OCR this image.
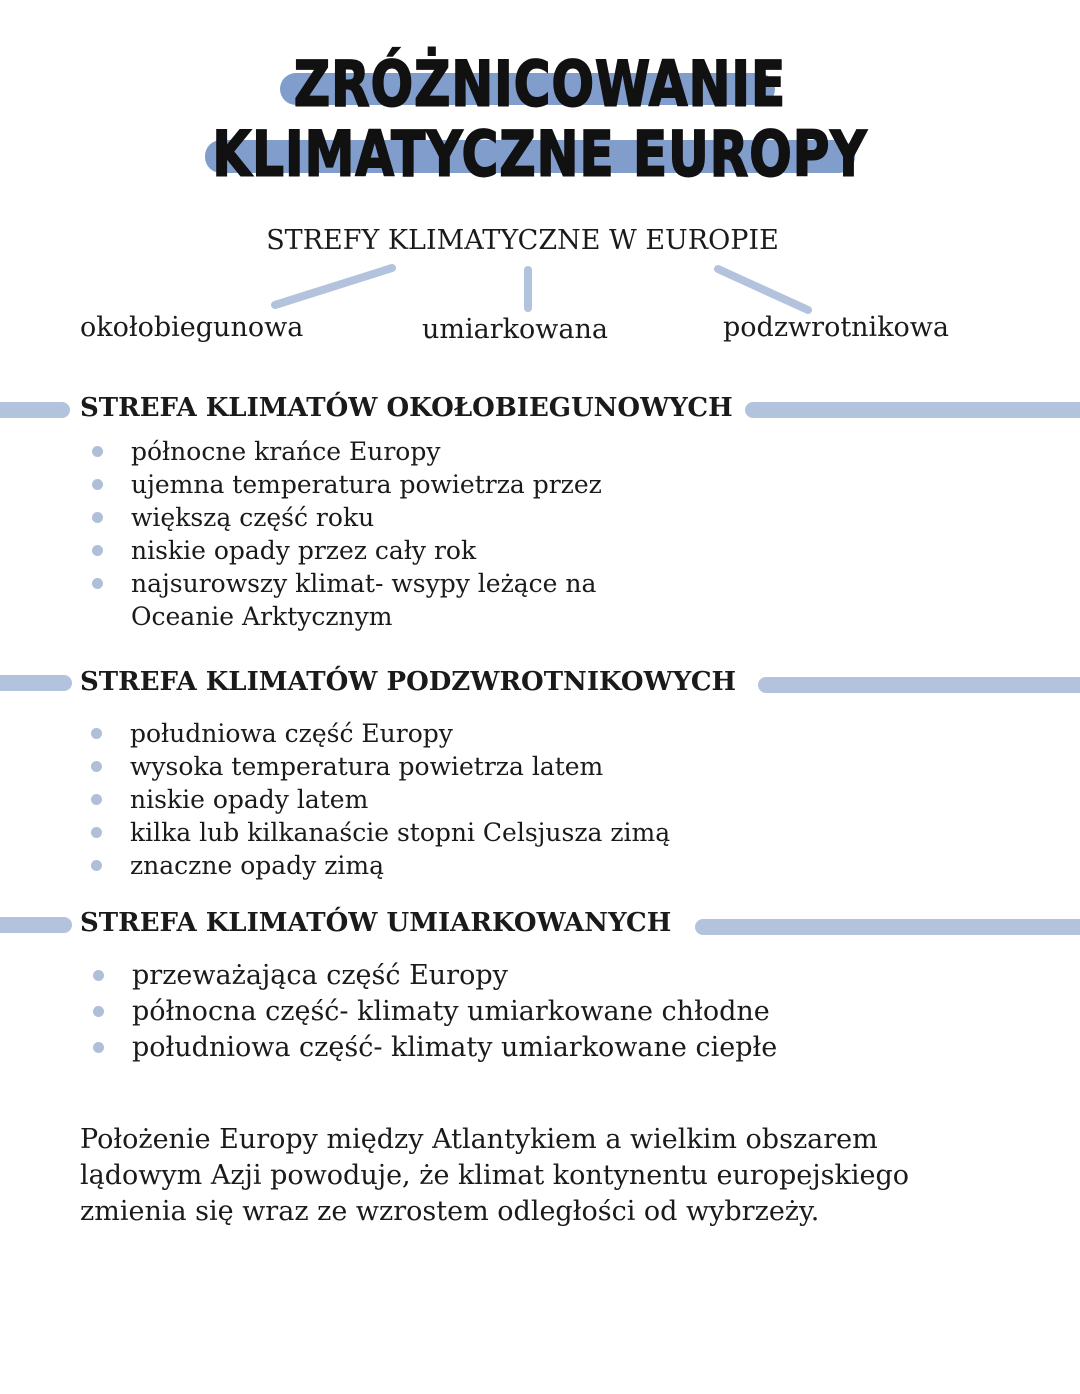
ZRÓŻNICOWANIE
KLIMATYCZNE EUROPY
STREFY KLIMATYCZNE W EUROPIE
okołobiegunowa	umiarkowana	podzwrotnikowa
STREFA KLIMATÓW OKOŁOBIEGUNOWYCH
północne krańce Europy
ujemna temperatura powietrza przez
większą część roku
niskie opady przez cały rok
najsurowszy klimat- wsypy leżące na
Oceanie Arktycznym
STREFA KLIMATÓW PODZWROTNIKOWYCH
południowa część Europy
wysoka temperatura powietrza latem
niskie opady latem
kilka lub kilkanaście stopni Celsjusza zimą
znaczne opady zimą
STREFA KLIMATÓW UMIARKOWANYCH
przeważająca część Europy
północna część- klimaty umiarkowane chłodne
południowa część- klimaty umiarkowane ciepłe

Położenie Europy między Atlantykiem a wielkim obszarem lądowym Azji powoduje, że klimat kontynentu europejskiego zmienia się wraz ze wzrostem odległości od wybrzeży.
